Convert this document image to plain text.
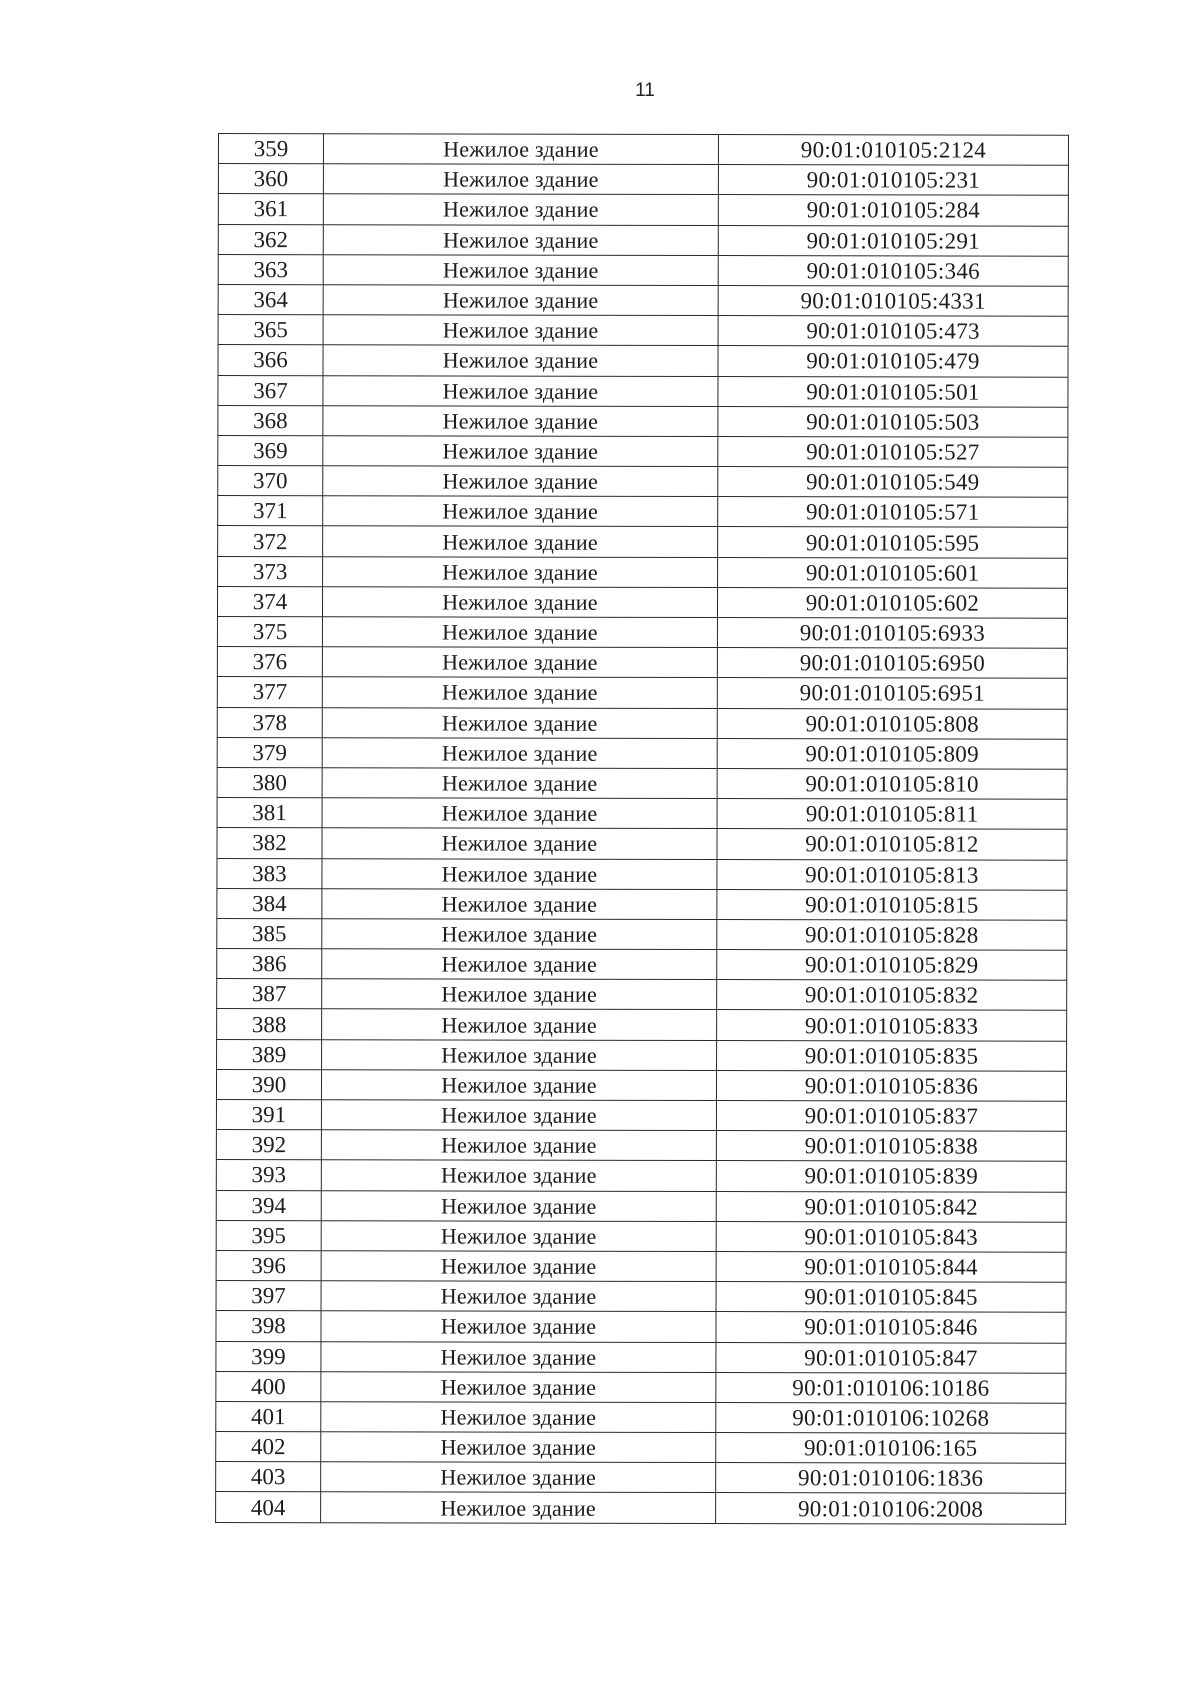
11
359	Нежилое здание	90:01:010105:2124
360	Нежилое здание	90:01:010105:231
361	Нежилое здание	90:01:010105:284
362	Нежилое здание	90:01:010105:291
363	Нежилое здание	90:01:010105:346
364	Нежилое здание	90:01:010105:4331
365	Нежилое здание	90:01:010105:473
366	Нежилое здание	90:01:010105:479
367	Нежилое здание	90:01:010105:501
368	Нежилое здание	90:01:010105:503
369	Нежилое здание	90:01:010105:527
370	Нежилое здание	90:01:010105:549
371	Нежилое здание	90:01:010105:571
372	Нежилое здание	90:01:010105:595
373	Нежилое здание	90:01:010105:601
374	Нежилое здание	90:01:010105:602
375	Нежилое здание	90:01:010105:6933
376	Нежилое здание	90:01:010105:6950
377	Нежилое здание	90:01:010105:6951
378	Нежилое здание	90:01:010105:808
379	Нежилое здание	90:01:010105:809
380	Нежилое здание	90:01:010105:810
381	Нежилое здание	90:01:010105:811
382	Нежилое здание	90:01:010105:812
383	Нежилое здание	90:01:010105:813
384	Нежилое здание	90:01:010105:815
385	Нежилое здание	90:01:010105:828
386	Нежилое здание	90:01:010105:829
387	Нежилое здание	90:01:010105:832
388	Нежилое здание	90:01:010105:833
389	Нежилое здание	90:01:010105:835
390	Нежилое здание	90:01:010105:836
391	Нежилое здание	90:01:010105:837
392	Нежилое здание	90:01:010105:838
393	Нежилое здание	90:01:010105:839
394	Нежилое здание	90:01:010105:842
395	Нежилое здание	90:01:010105:843
396	Нежилое здание	90:01:010105:844
397	Нежилое здание	90:01:010105:845
398	Нежилое здание	90:01:010105:846
399	Нежилое здание	90:01:010105:847
400	Нежилое здание	90:01:010106:10186
401	Нежилое здание	90:01:010106:10268
402	Нежилое здание	90:01:010106:165
403	Нежилое здание	90:01:010106:1836
404	Нежилое здание	90:01:010106:2008
